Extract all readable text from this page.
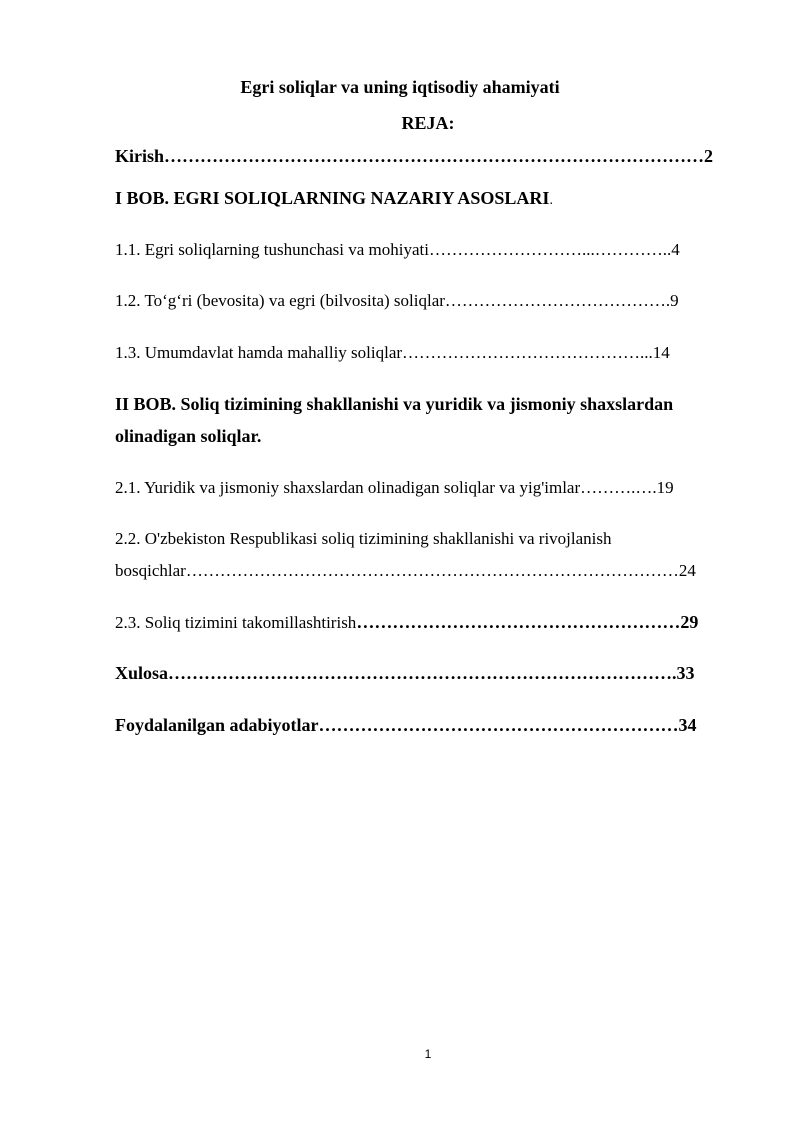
Egri soliqlar va uning iqtisodiy ahamiyati
REJA:
Kirish………………………………………………………………………………2
I BOB. EGRI SOLIQLARNING NAZARIY ASOSLARI.
1.1. Egri soliqlarning tushunchasi va mohiyati………………………...…………..4
1.2. To‘g‘ri (bevosita) va egri (bilvosita) soliqlar………………………………….9
1.3. Umumdavlat hamda mahalliy soliqlar……………………………………...14
II BOB. Soliq tizimining shakllanishi va yuridik va jismoniy shaxslardan
olinadigan soliqlar.
2.1. Yuridik va jismoniy shaxslardan olinadigan soliqlar va yig'imlar……….….19
2.2. O'zbekiston Respublikasi soliq tizimining shakllanishi va rivojlanish
bosqichlar……………………………………………………………………………24
2.3. Soliq tizimini takomillashtirish………………………………………………29
Xulosa………………………………………………………………………….33
Foydalanilgan adabiyotlar……………………………………………………34
1
